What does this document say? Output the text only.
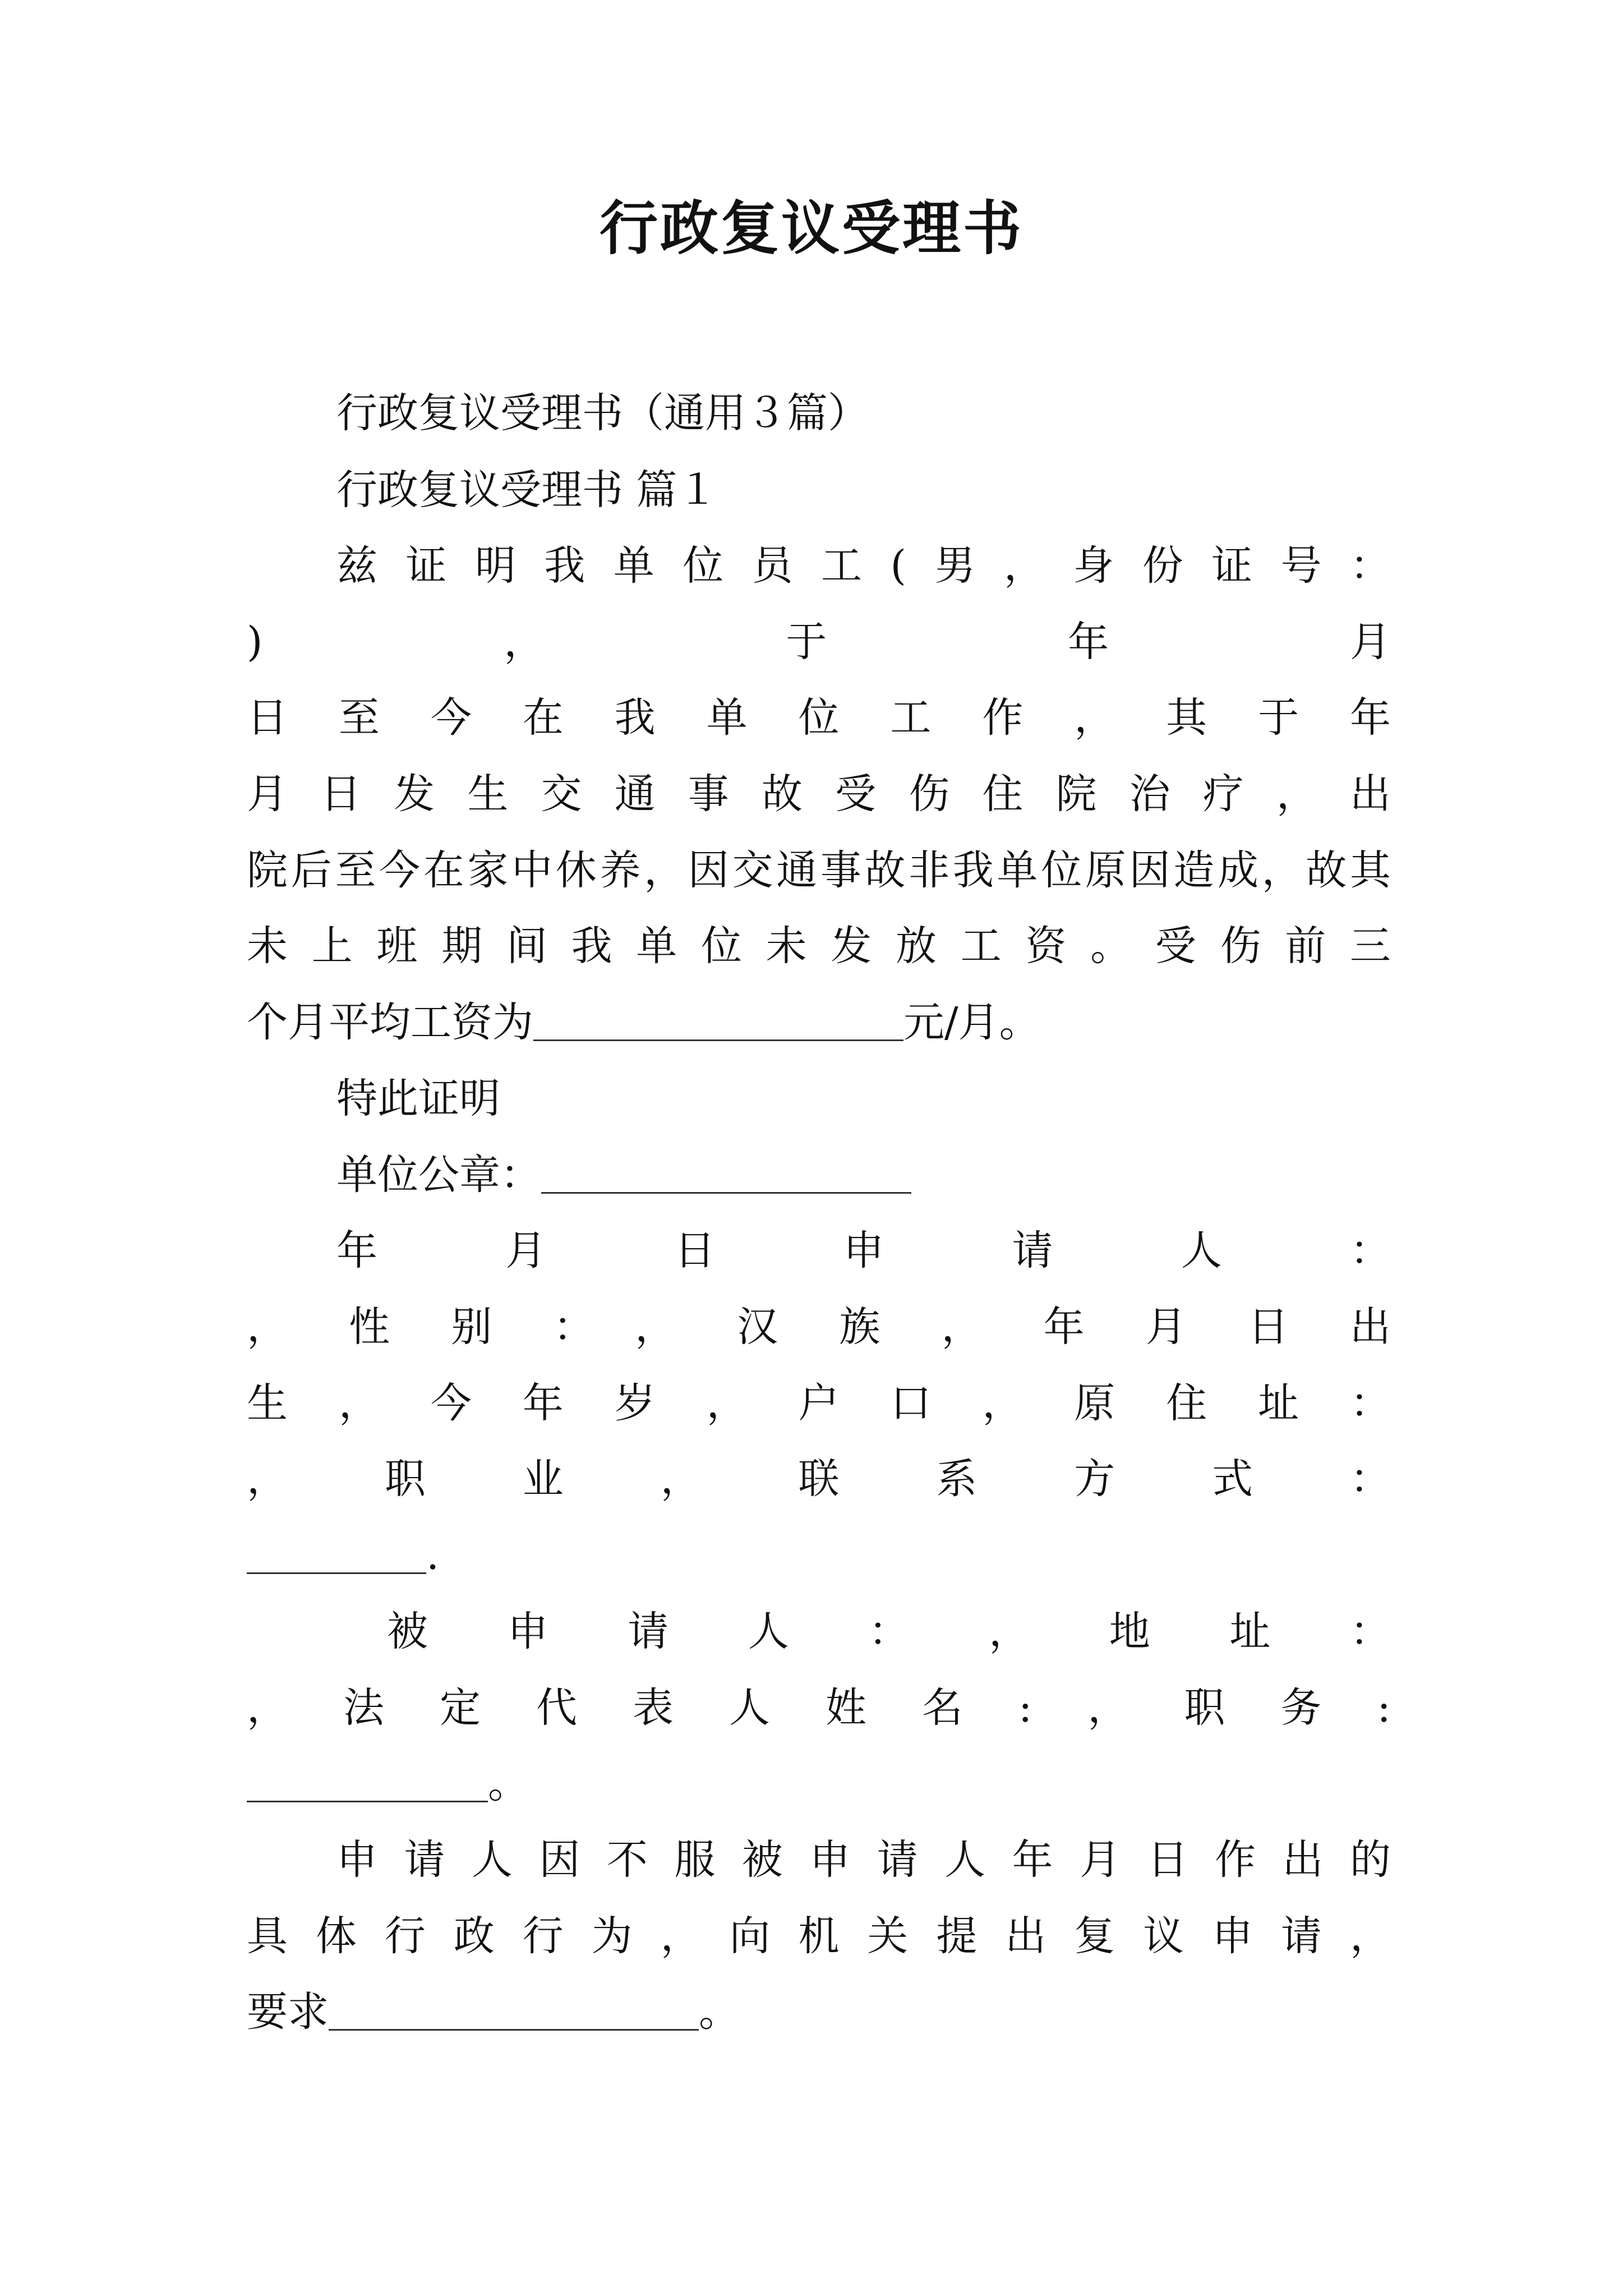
行政复议受理书
行政复议受理书（通用３篇）
行政复议受理书 篇１
兹证明我单位员工(男，身份证号：
)，于年月
日至今在我单位工作，其于年
月日发生交通事故受伤住院治疗，出
院后至今在家中休养，因交通事故非我单位原因造成，故其
未上班期间我单位未发放工资。受伤前三
个月平均工资为	元/月。
特此证明
单位公章：
年月日申请人：
，性别：，汉族，年月日出
生 ， 今 年 岁 ， 户 口 ， 原 住 址 ：
，职业，联系方式：
.
被 申 请 人 ： ， 地 址 ：
，法定代表人姓名:，职务:
。
申请人因不服被申请人年月日作出的
具体行政行为，向机关提出复议申请，
要求	。
